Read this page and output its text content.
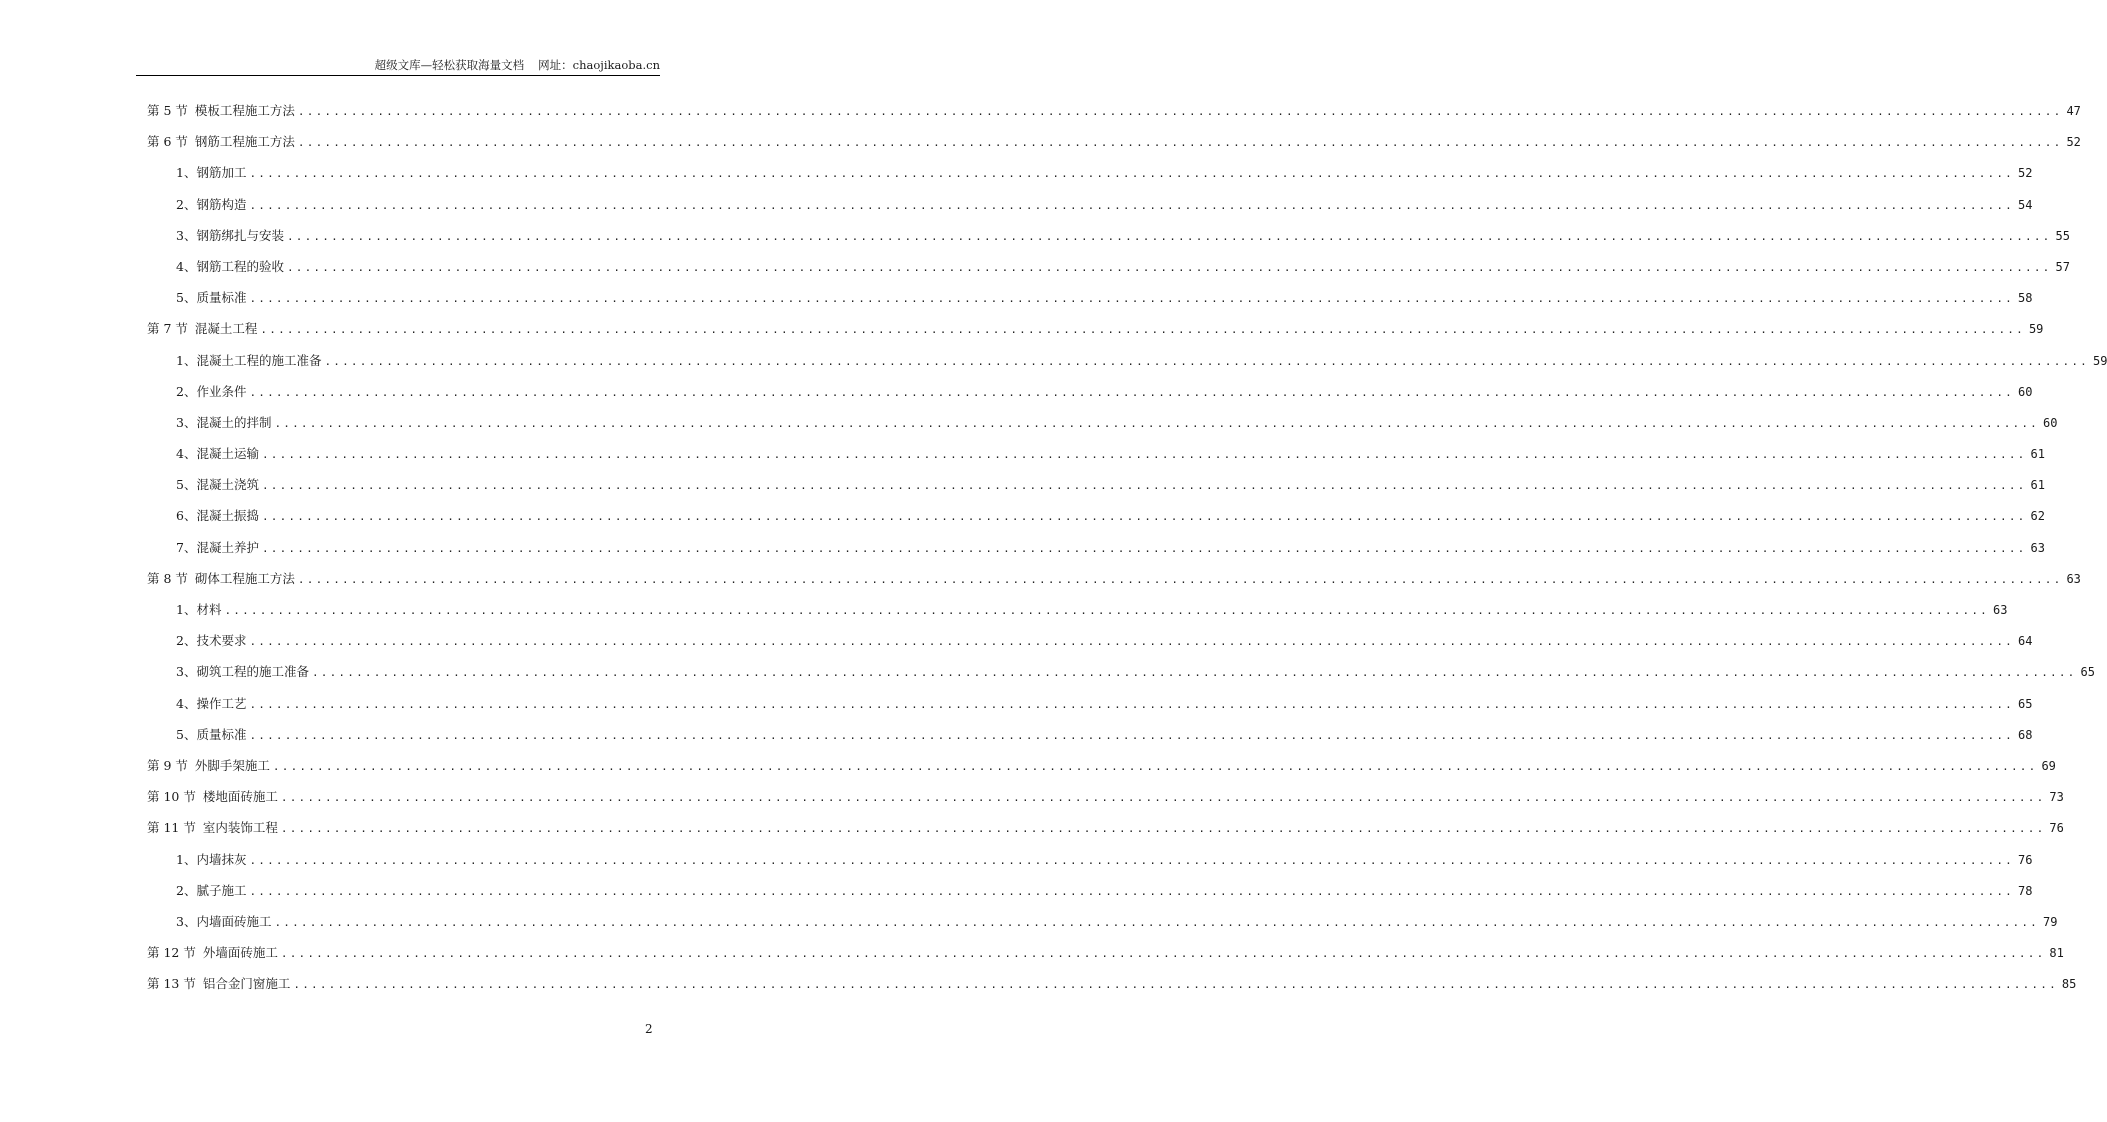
超级文库—轻松获取海量文档 网址：chaojikaoba.cn
第 5 节 模板工程施工方法 ........................................................................................................................................................................................................ 47
第 6 节 钢筋工程施工方法 ........................................................................................................................................................................................................ 52
1、 钢筋加工 ........................................................................................................................................................................................................ 52
2、 钢筋构造 ........................................................................................................................................................................................................ 54
3、 钢筋绑扎与安装 ........................................................................................................................................................................................................ 55
4、 钢筋工程的验收 ........................................................................................................................................................................................................ 57
5、 质量标准 ........................................................................................................................................................................................................ 58
第 7 节 混凝土工程 ........................................................................................................................................................................................................ 59
1、 混凝土工程的施工准备 ........................................................................................................................................................................................................ 59
2、 作业条件 ........................................................................................................................................................................................................ 60
3、 混凝土的拌制 ........................................................................................................................................................................................................ 60
4、 混凝土运输 ........................................................................................................................................................................................................ 61
5、 混凝土浇筑 ........................................................................................................................................................................................................ 61
6、 混凝土振捣 ........................................................................................................................................................................................................ 62
7、 混凝土养护 ........................................................................................................................................................................................................ 63
第 8 节 砌体工程施工方法 ........................................................................................................................................................................................................ 63
1、 材料 ........................................................................................................................................................................................................ 63
2、 技术要求 ........................................................................................................................................................................................................ 64
3、 砌筑工程的施工准备 ........................................................................................................................................................................................................ 65
4、 操作工艺 ........................................................................................................................................................................................................ 65
5、 质量标准 ........................................................................................................................................................................................................ 68
第 9 节 外脚手架施工 ........................................................................................................................................................................................................ 69
第 10 节 楼地面砖施工 ........................................................................................................................................................................................................ 73
第 11 节 室内装饰工程 ........................................................................................................................................................................................................ 76
1、 内墙抹灰 ........................................................................................................................................................................................................ 76
2、 腻子施工 ........................................................................................................................................................................................................ 78
3、 内墙面砖施工 ........................................................................................................................................................................................................ 79
第 12 节 外墙面砖施工 ........................................................................................................................................................................................................ 81
第 13 节 铝合金门窗施工 ........................................................................................................................................................................................................ 85
2
